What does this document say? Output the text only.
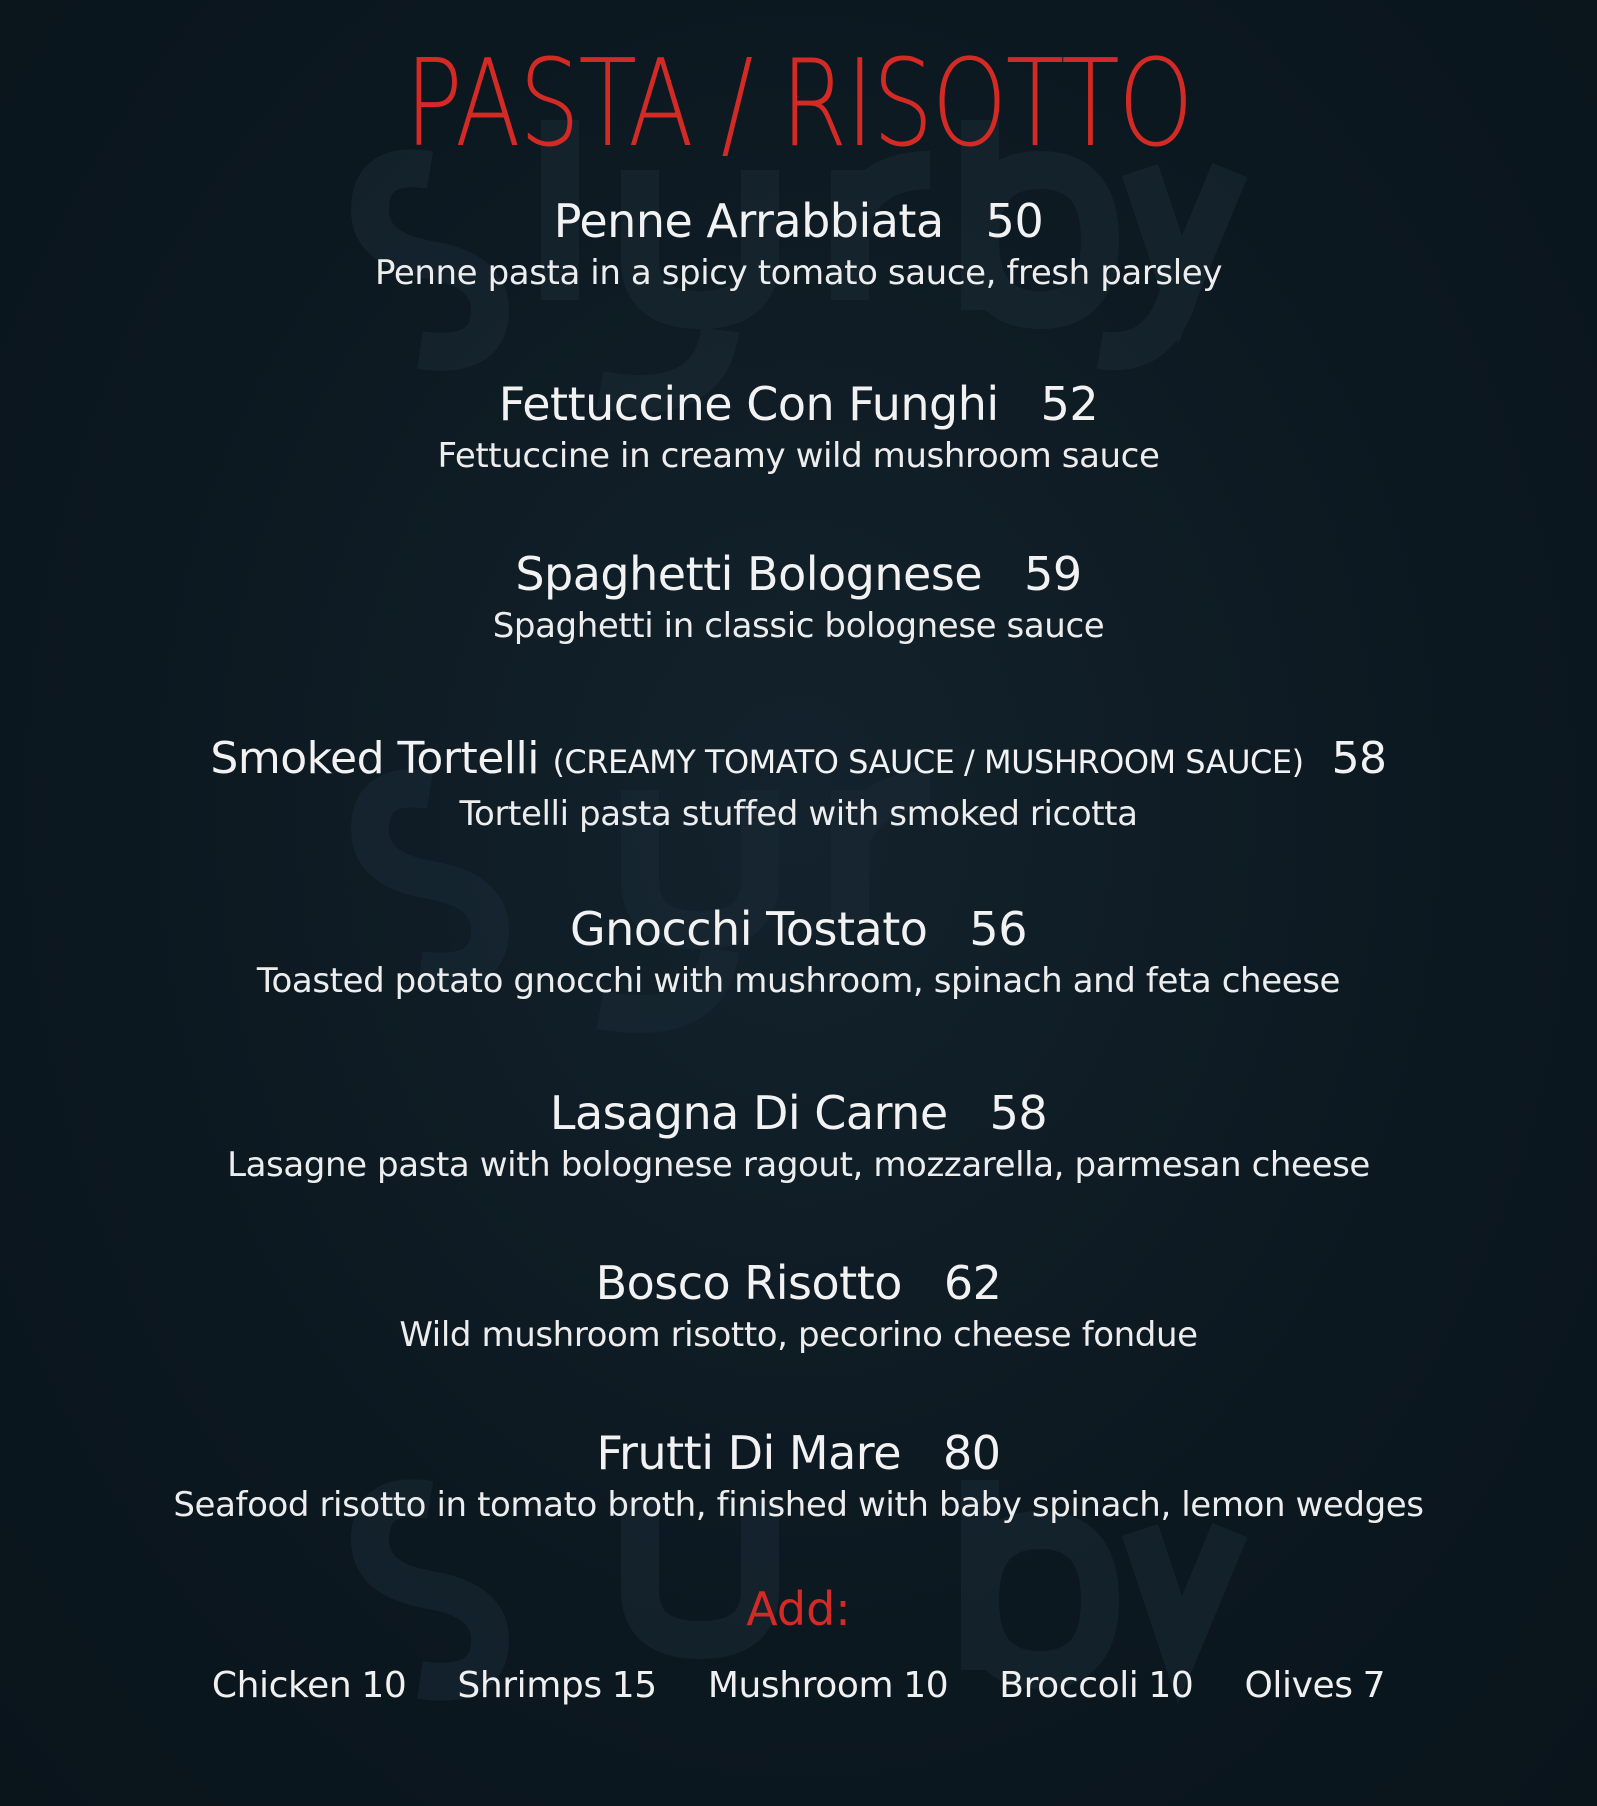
PASTA / RISOTTO
Penne Arrabbiata 50
Penne pasta in a spicy tomato sauce, fresh parsley
Fettuccine Con Funghi 52
Fettuccine in creamy wild mushroom sauce
Spaghetti Bolognese 59
Spaghetti in classic bolognese sauce
Smoked Tortelli (CREAMY TOMATO SAUCE / MUSHROOM SAUCE) 58
Tortelli pasta stuffed with smoked ricotta
Gnocchi Tostato 56
Toasted potato gnocchi with mushroom, spinach and feta cheese
Lasagna Di Carne 58
Lasagne pasta with bolognese ragout, mozzarella, parmesan cheese
Bosco Risotto 62
Wild mushroom risotto, pecorino cheese fondue
Frutti Di Mare 80
Seafood risotto in tomato broth, finished with baby spinach, lemon wedges
Add:
Chicken 10 Shrimps 15 Mushroom 10 Broccoli 10 Olives 7
